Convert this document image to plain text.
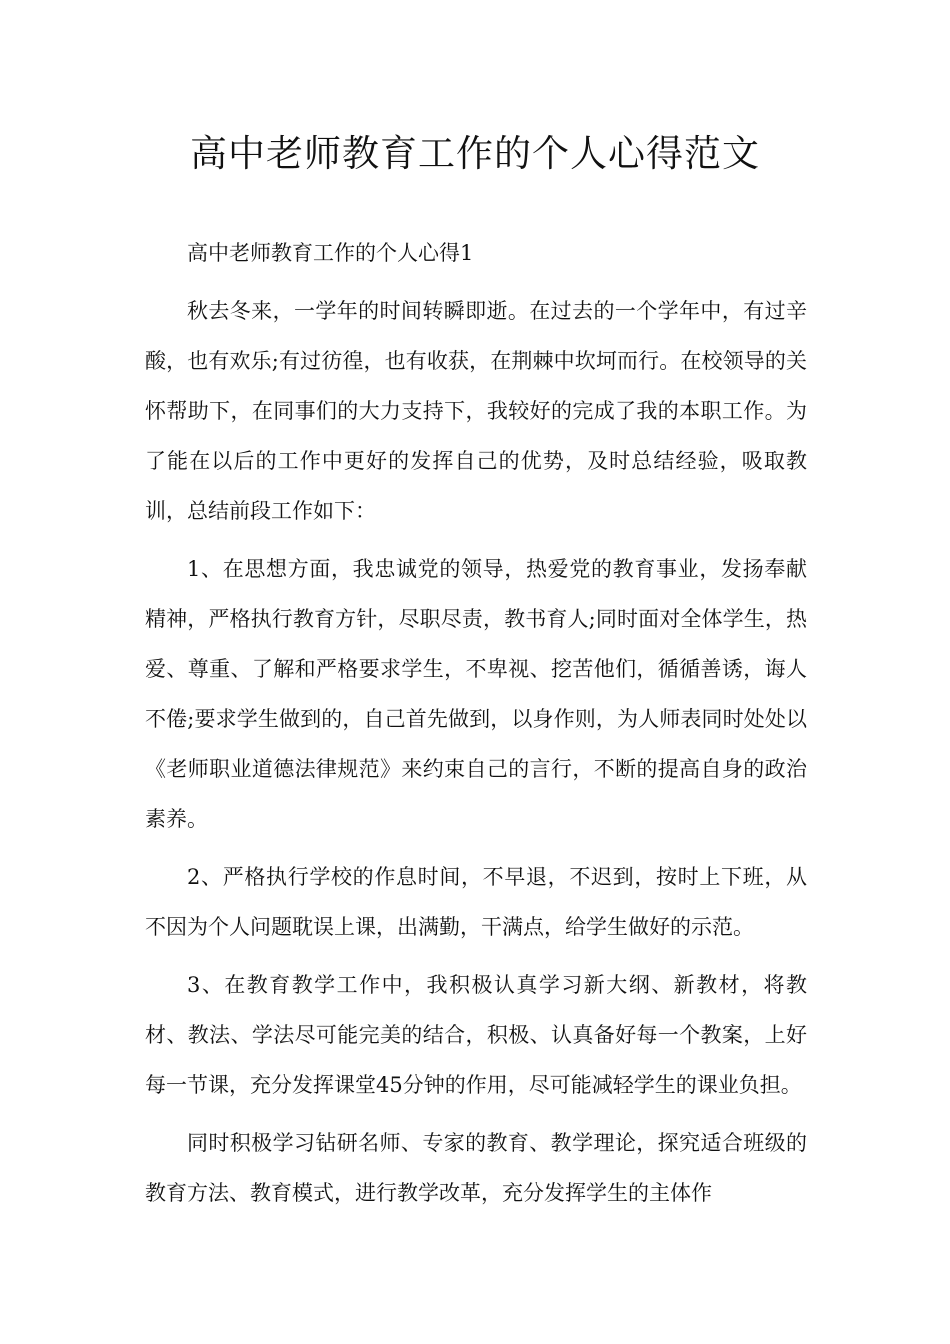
高中老师教育工作的个人心得范文

高中老师教育工作的个人心得1

秋去冬来，一学年的时间转瞬即逝。在过去的一个学年中，有过辛酸，也有欢乐;有过彷徨，也有收获，在荆棘中坎坷而行。在校领导的关怀帮助下，在同事们的大力支持下，我较好的完成了我的本职工作。为了能在以后的工作中更好的发挥自己的优势，及时总结经验，吸取教训，总结前段工作如下：

1、在思想方面，我忠诚党的领导，热爱党的教育事业，发扬奉献精神，严格执行教育方针，尽职尽责，教书育人;同时面对全体学生，热爱、尊重、了解和严格要求学生，不卑视、挖苦他们，循循善诱，诲人不倦;要求学生做到的，自己首先做到，以身作则，为人师表同时处处以《老师职业道德法律规范》来约束自己的言行，不断的提高自身的政治素养。

2、严格执行学校的作息时间，不早退，不迟到，按时上下班，从不因为个人问题耽误上课，出满勤，干满点，给学生做好的示范。

3、在教育教学工作中，我积极认真学习新大纲、新教材，将教材、教法、学法尽可能完美的结合，积极、认真备好每一个教案，上好每一节课，充分发挥课堂45分钟的作用，尽可能减轻学生的课业负担。

同时积极学习钻研名师、专家的教育、教学理论，探究适合班级的教育方法、教育模式，进行教学改革，充分发挥学生的主体作
